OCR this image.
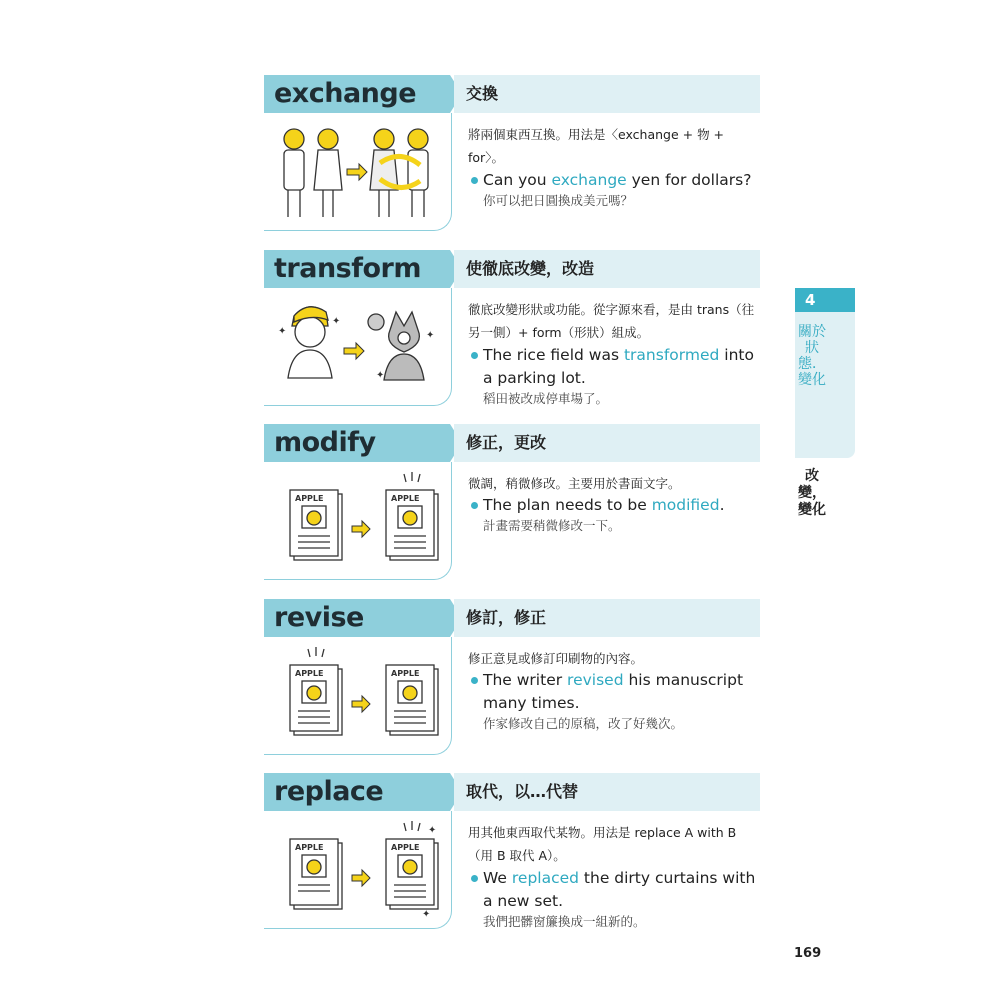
exchange	交換
將兩個東西互換。用法是〈exchange + 物 + for〉。
Can you exchange yen for dollars?
你可以把日圓換成美元嗎？
transform	使徹底改變，改造
✦
✦
✦
✦
徹底改變形狀或功能。從字源來看，是由 trans（往另一側）+ form（形狀）組成。
The rice field was transformed into a parking lot.
稻田被改成停車場了。
modify	修正，更改
APPLE	APPLE
微調，稍微修改。主要用於書面文字。
The plan needs to be modified.
計畫需要稍微修改一下。
revise	修訂，修正
APPLE	APPLE
修正意見或修訂印刷物的內容。
The writer revised his manuscript many times.
作家修改自己的原稿，改了好幾次。
replace	取代，以…代替
APPLE	APPLE
✦
✦
用其他東西取代某物。用法是 replace A with B（用 B 取代 A）。
We replaced the dirty curtains with a new set.
我們把髒窗簾換成一組新的。
4
關於狀態．變化
改變，變化
169
